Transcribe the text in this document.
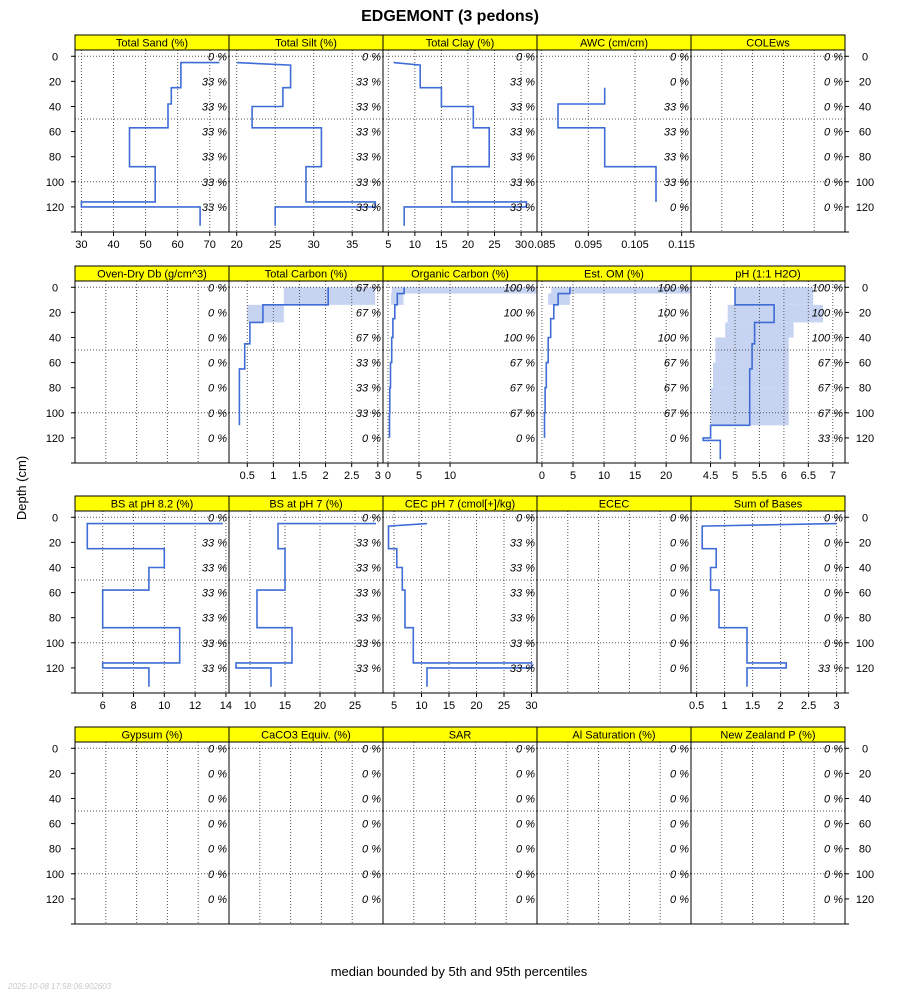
EDGEMONT (3 pedons)
Depth (cm)
median bounded by 5th and 95th percentiles
2025-10-08 17:58:06.902603
Total Sand (%)
0 %
33 %
33 %
33 %
33 %
33 %
33 %
30 40 50 60 70
Total Silt (%)
0 %
33 %
33 %
33 %
33 %
33 %
33 %
20 25 30 35
Total Clay (%)
0 %
33 %
33 %
33 %
33 %
33 %
33 %
5 10 15 20 25 30
AWC (cm/cm)
0 %
0 %
33 %
33 %
33 %
33 %
0 %
0.085 0.095 0.105 0.115
COLEws
0 %
0 %
0 %
0 %
0 %
0 %
0 %
0	0
20	20
40	40
60	60
80	80
100	100
120	120
Oven-Dry Db (g/cm^3)
0 %
0 %
0 %
0 %
0 %
0 %
0 %
Total Carbon (%)
67 %
67 %
67 %
33 %
33 %
33 %
0 %
0.5 1 1.5 2 2.5 3
Organic Carbon (%)
100 %
100 %
100 %
67 %
67 %
67 %
0 %
0 5 10
Est. OM (%)
100 %
100 %
100 %
67 %
67 %
67 %
0 %
0 5 10 15 20
pH (1:1 H2O)
100 %
100 %
100 %
67 %
67 %
67 %
33 %
4.5 5 5.5 6 6.5 7
0	0
20	20
40	40
60	60
80	80
100	100
120	120
BS at pH 8.2 (%)
0 %
33 %
33 %
33 %
33 %
33 %
33 %
6 8 10 12 14
BS at pH 7 (%)
0 %
33 %
33 %
33 %
33 %
33 %
33 %
10 15 20 25
CEC pH 7 (cmol[+]/kg)
0 %
33 %
33 %
33 %
33 %
33 %
33 %
5 10 15 20 25 30
ECEC
0 %
0 %
0 %
0 %
0 %
0 %
0 %
Sum of Bases
0 %
0 %
0 %
0 %
0 %
0 %
33 %
0.5 1 1.5 2 2.5 3
0	0
20	20
40	40
60	60
80	80
100	100
120	120
Gypsum (%)
0 %
0 %
0 %
0 %
0 %
0 %
0 %
CaCO3 Equiv. (%)
0 %
0 %
0 %
0 %
0 %
0 %
0 %
SAR
0 %
0 %
0 %
0 %
0 %
0 %
0 %
Al Saturation (%)
0 %
0 %
0 %
0 %
0 %
0 %
0 %
New Zealand P (%)
0 %
0 %
0 %
0 %
0 %
0 %
0 %
0	0
20	20
40	40
60	60
80	80
100	100
120	120
